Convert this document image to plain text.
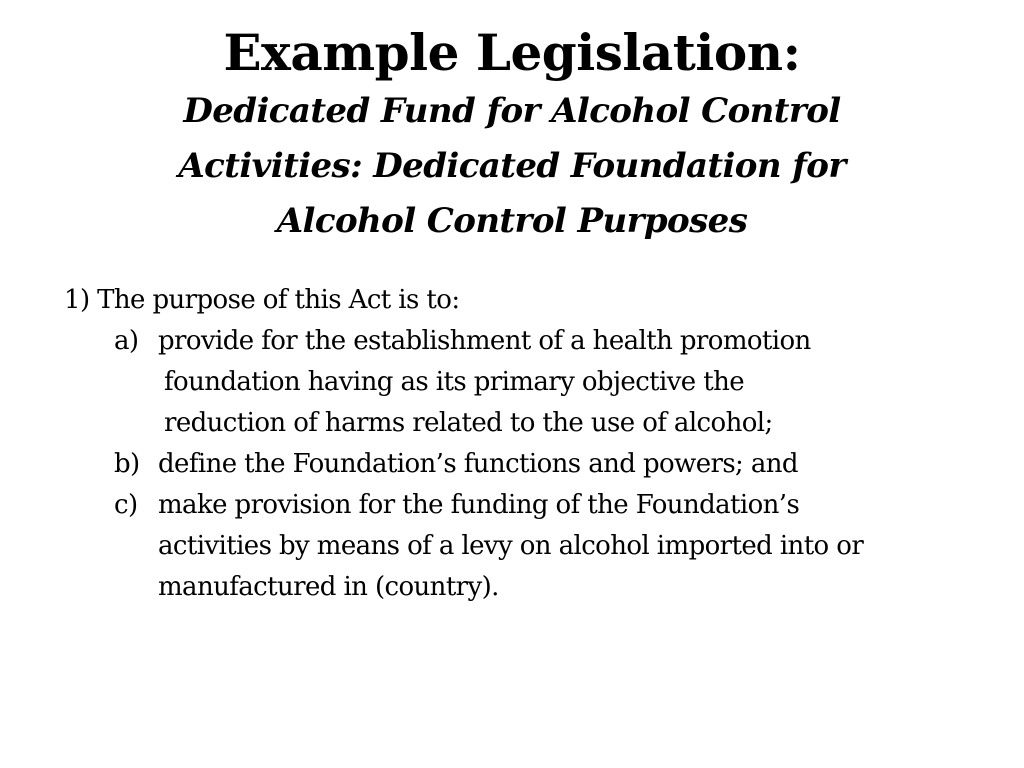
Example Legislation:

Dedicated Fund for Alcohol Control

Activities: Dedicated Foundation for

Alcohol Control Purposes

1) The purpose of this Act is to:

a) provide for the establishment of a health promotion
foundation having as its primary objective the
reduction of harms related to the use of alcohol;
b) define the Foundation’s functions and powers; and
c) make provision for the funding of the Foundation’s
activities by means of a levy on alcohol imported into or
manufactured in (country).
